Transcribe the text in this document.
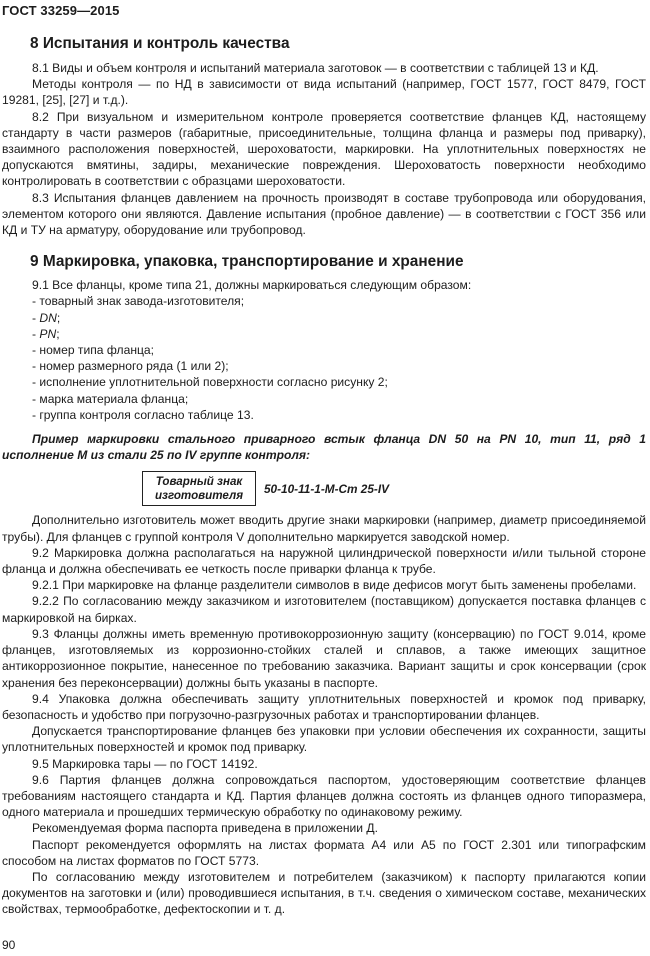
ГОСТ 33259—2015

8 Испытания и контроль качества

8.1 Виды и объем контроля и испытаний материала заготовок — в соответствии с таблицей 13 и КД.

Методы контроля — по НД в зависимости от вида испытаний (например, ГОСТ 1577, ГОСТ 8479, ГОСТ 19281, [25], [27] и т.д.).

8.2 При визуальном и измерительном контроле проверяется соответствие фланцев КД, настоящему стандарту в части размеров (габаритные, присоединительные, толщина фланца и размеры под приварку), взаимного расположения поверхностей, шероховатости, маркировки. На уплотнительных поверхностях не допускаются вмятины, задиры, механические повреждения. Шероховатость поверхности необходимо контролировать в соответствии с образцами шероховатости.

8.3 Испытания фланцев давлением на прочность производят в составе трубопровода или оборудования, элементом которого они являются. Давление испытания (пробное давление) — в соответствии с ГОСТ 356 или КД и ТУ на арматуру, оборудование или трубопровод.

9 Маркировка, упаковка, транспортирование и хранение

9.1 Все фланцы, кроме типа 21, должны маркироваться следующим образом:

- товарный знак завода-изготовителя;

- DN;

- PN;

- номер типа фланца;

- номер размерного ряда (1 или 2);

- исполнение уплотнительной поверхности согласно рисунку 2;

- марка материала фланца;

- группа контроля согласно таблице 13.

Пример маркировки стального приварного встык фланца DN 50 на PN 10, тип 11, ряд 1 исполнение М из стали 25 по IV группе контроля:

Товарный знак
изготовителя 50-10-11-1-M-Ст 25-IV

Дополнительно изготовитель может вводить другие знаки маркировки (например, диаметр присоединяемой трубы). Для фланцев с группой контроля V дополнительно маркируется заводской номер.

9.2 Маркировка должна располагаться на наружной цилиндрической поверхности и/или тыльной стороне фланца и должна обеспечивать ее четкость после приварки фланца к трубе.

9.2.1 При маркировке на фланце разделители символов в виде дефисов могут быть заменены пробелами.

9.2.2 По согласованию между заказчиком и изготовителем (поставщиком) допускается поставка фланцев с маркировкой на бирках.

9.3 Фланцы должны иметь временную противокоррозионную защиту (консервацию) по ГОСТ 9.014, кроме фланцев, изготовляемых из коррозионно-стойких сталей и сплавов, а также имеющих защитное антикоррозионное покрытие, нанесенное по требованию заказчика. Вариант защиты и срок консервации (срок хранения без переконсервации) должны быть указаны в паспорте.

9.4 Упаковка должна обеспечивать защиту уплотнительных поверхностей и кромок под приварку, безопасность и удобство при погрузочно-разгрузочных работах и транспортировании фланцев.

Допускается транспортирование фланцев без упаковки при условии обеспечения их сохранности, защиты уплотнительных поверхностей и кромок под приварку.

9.5 Маркировка тары — по ГОСТ 14192.

9.6 Партия фланцев должна сопровождаться паспортом, удостоверяющим соответствие фланцев требованиям настоящего стандарта и КД. Партия фланцев должна состоять из фланцев одного типоразмера, одного материала и прошедших термическую обработку по одинаковому режиму.

Рекомендуемая форма паспорта приведена в приложении Д.

Паспорт рекомендуется оформлять на листах формата А4 или А5 по ГОСТ 2.301 или типографским способом на листах форматов по ГОСТ 5773.

По согласованию между изготовителем и потребителем (заказчиком) к паспорту прилагаются копии документов на заготовки и (или) проводившиеся испытания, в т.ч. сведения о химическом составе, механических свойствах, термообработке, дефектоскопии и т. д.

90
